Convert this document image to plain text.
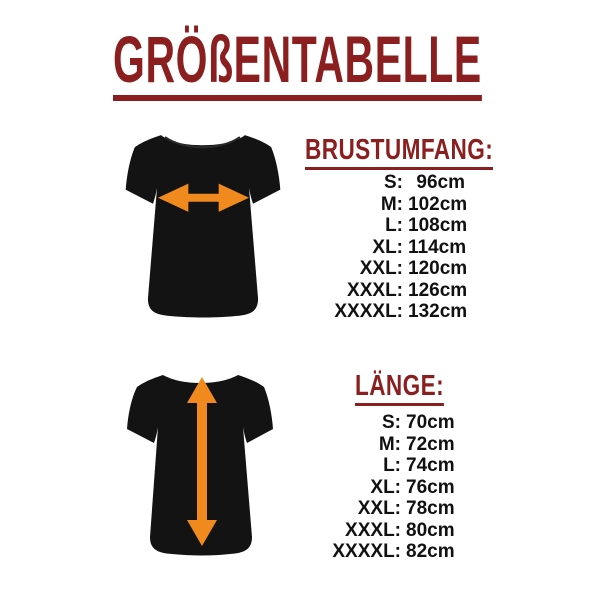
GRÖßENTABELLE
BRUSTUMFANG:
S: 96cm
M: 102cm
L: 108cm
XL: 114cm
XXL: 120cm
XXXL: 126cm
XXXXL: 132cm
LÄNGE:
S: 70cm
M: 72cm
L: 74cm
XL: 76cm
XXL: 78cm
XXXL: 80cm
XXXXL: 82cm
